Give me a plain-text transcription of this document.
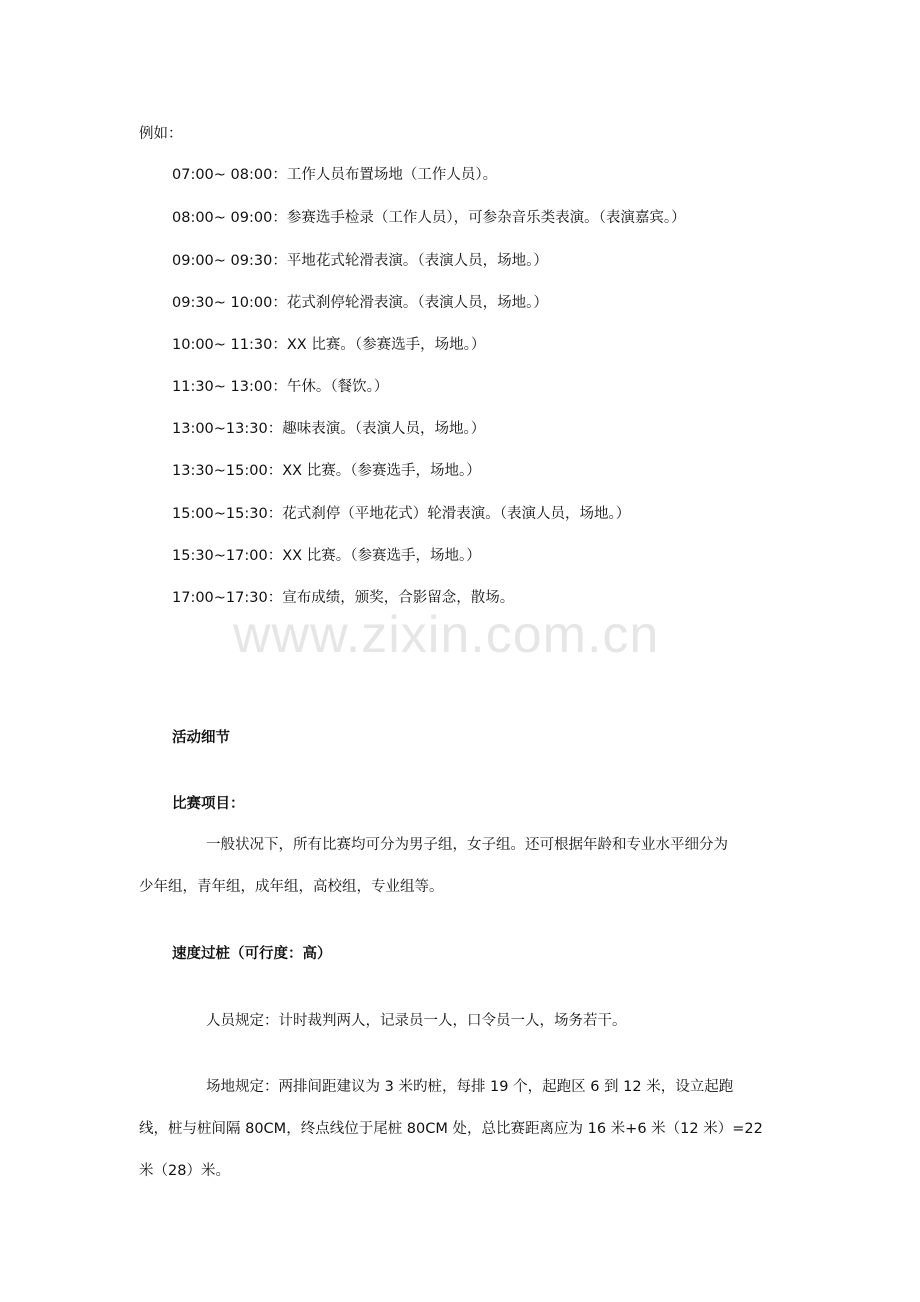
例如：
07:00~ 08:00：工作人员布置场地（工作人员）。
08:00~ 09:00：参赛选手检录（工作人员），可参杂音乐类表演。（表演嘉宾。）
09:00~ 09:30：平地花式轮滑表演。（表演人员，场地。）
09:30~ 10:00：花式刹停轮滑表演。（表演人员，场地。）
10:00~ 11:30：XX 比赛。（参赛选手，场地。）
11:30~ 13:00：午休。（餐饮。）
13:00~13:30：趣味表演。（表演人员，场地。）
13:30~15:00：XX 比赛。（参赛选手，场地。）
15:00~15:30：花式刹停（平地花式）轮滑表演。（表演人员，场地。）
15:30~17:00：XX 比赛。（参赛选手，场地。）
17:00~17:30：宣布成绩，颁奖，合影留念，散场。
www.zixin.com.cn
活动细节
比赛项目：
一般状况下，所有比赛均可分为男子组，女子组。还可根据年龄和专业水平细分为
少年组，青年组，成年组，高校组，专业组等。
速度过桩（可行度：高）
人员规定：计时裁判两人，记录员一人，口令员一人，场务若干。
场地规定：两排间距建议为 3 米旳桩，每排 19 个，起跑区 6 到 12 米，设立起跑
线，桩与桩间隔 80CM，终点线位于尾桩 80CM 处，总比赛距离应为 16 米+6 米（12 米）=22
米（28）米。
